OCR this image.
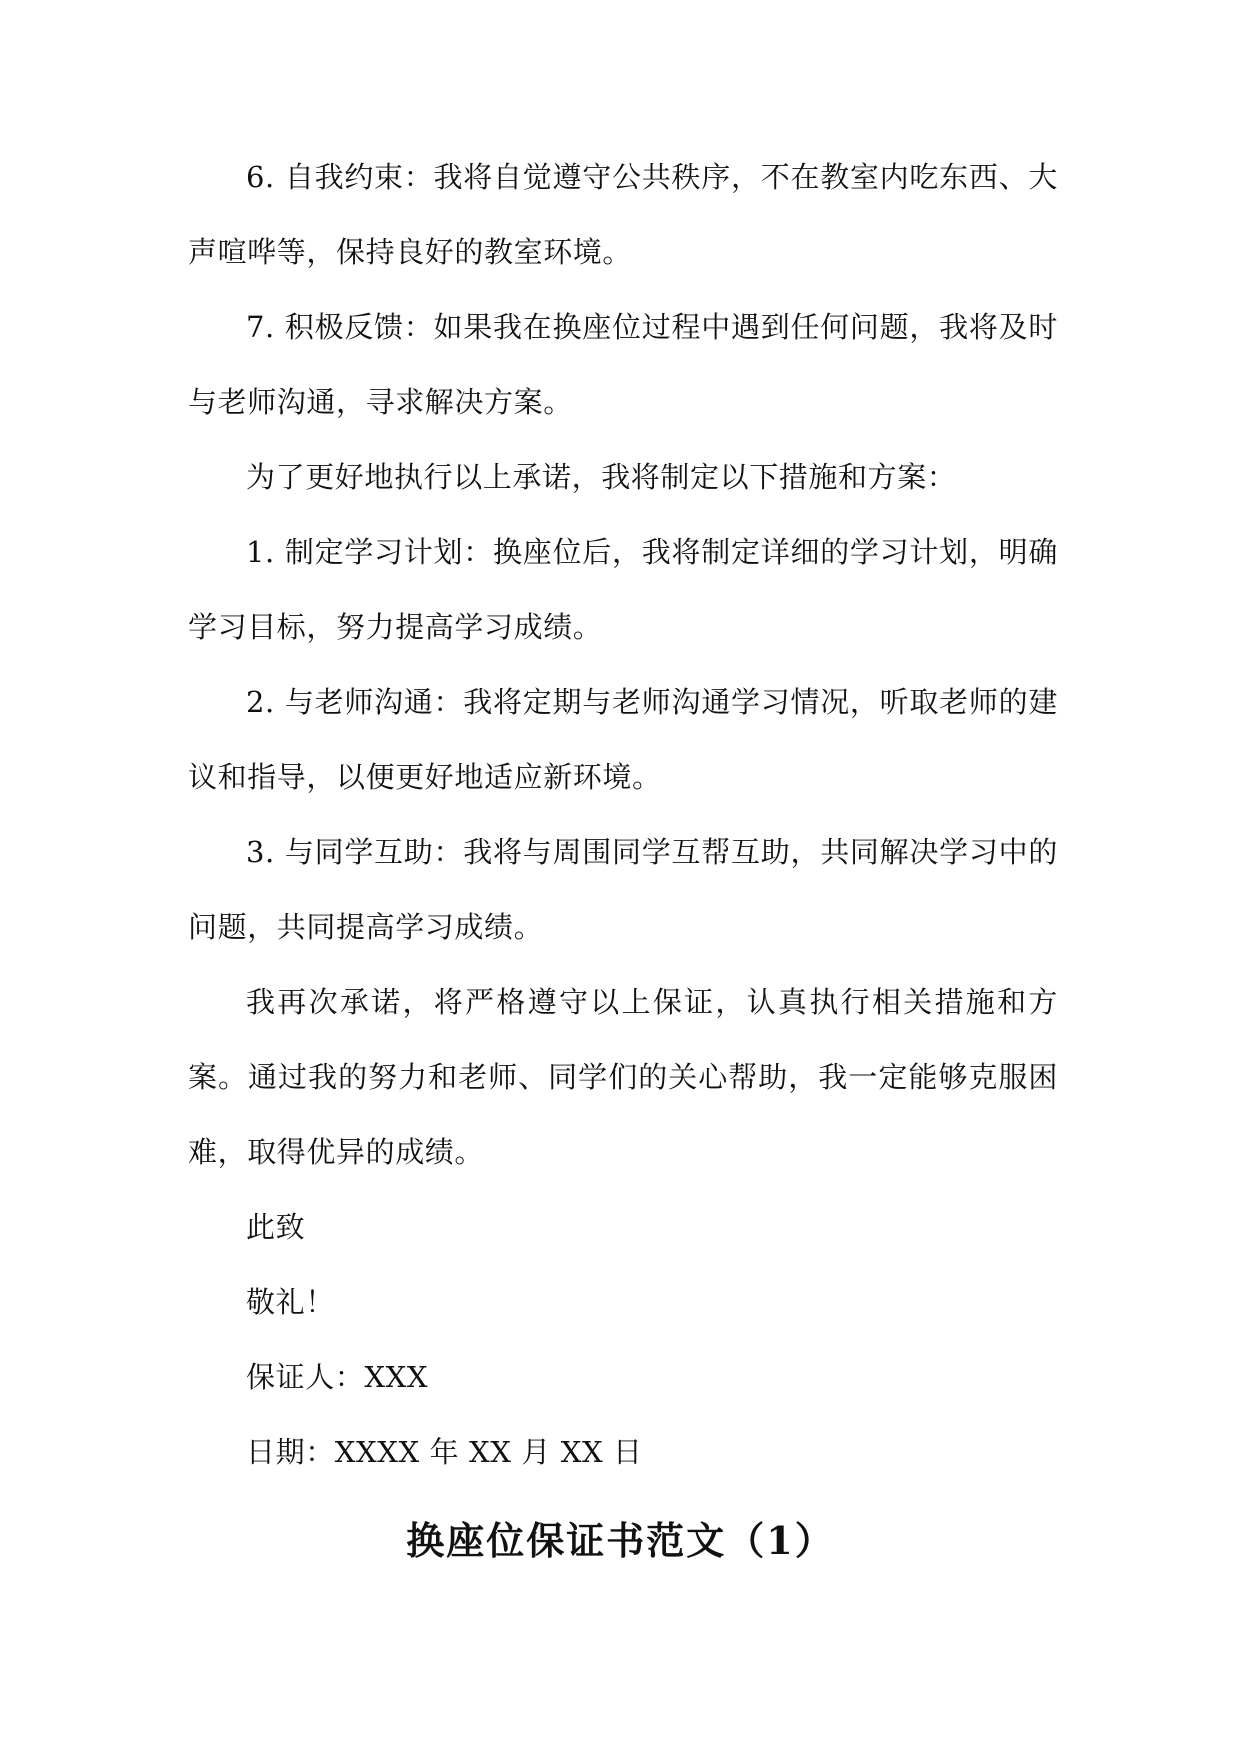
6. 自我约束：我将自觉遵守公共秩序，不在教室内吃东西、大声喧哗等，保持良好的教室环境。

7. 积极反馈：如果我在换座位过程中遇到任何问题，我将及时与老师沟通，寻求解决方案。

为了更好地执行以上承诺，我将制定以下措施和方案：

1. 制定学习计划：换座位后，我将制定详细的学习计划，明确学习目标，努力提高学习成绩。

2. 与老师沟通：我将定期与老师沟通学习情况，听取老师的建议和指导，以便更好地适应新环境。

3. 与同学互助：我将与周围同学互帮互助，共同解决学习中的问题，共同提高学习成绩。

我再次承诺，将严格遵守以上保证，认真执行相关措施和方案。通过我的努力和老师、同学们的关心帮助，我一定能够克服困难，取得优异的成绩。

此致

敬礼！

保证人：XXX

日期：XXXX 年 XX 月 XX 日

换座位保证书范文（1）
